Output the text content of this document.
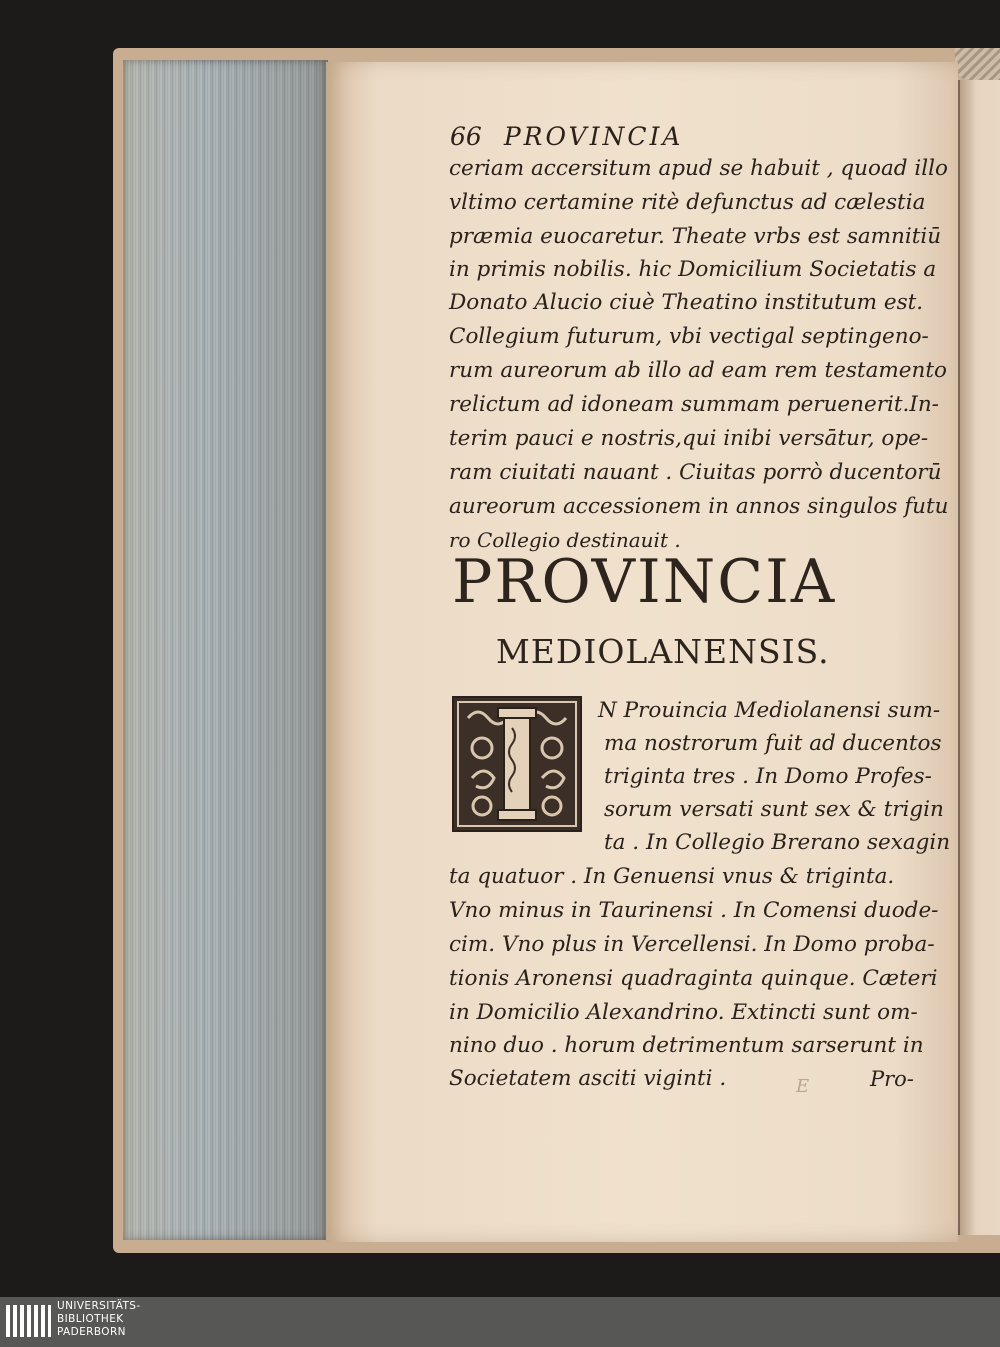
66 PROVINCIA
ceriam accersitum apud se habuit , quoad illo
vltimo certamine ritè defunctus ad cælestia
præmia euocaretur. Theate vrbs est samnitiū
in primis nobilis. hic Domicilium Societatis a
Donato Alucio ciuè Theatino institutum est.
Collegium futurum, vbi vectigal septingeno-
rum aureorum ab illo ad eam rem testamento
relictum ad idoneam summam peruenerit.In-
terim pauci e nostris,qui inibi versātur, ope-
ram ciuitati nauant . Ciuitas porrò ducentorū
aureorum accessionem in annos singulos futu
ro Collegio destinauit .
PROVINCIA
MEDIOLANENSIS.
N Prouincia Mediolanensi sum-
ma nostrorum fuit ad ducentos
triginta tres . In Domo Profes-
sorum versati sunt sex & trigin
ta . In Collegio Brerano sexagin
ta quatuor . In Genuensi vnus & triginta.
Vno minus in Taurinensi . In Comensi duode-
cim. Vno plus in Vercellensi. In Domo proba-
tionis Aronensi quadraginta quinque. Cæteri
in Domicilio Alexandrino. Extincti sunt om-
nino duo . horum detrimentum sarserunt in
Societatem asciti viginti .	E	Pro-
UNIVERSITÄTS-
BIBLIOTHEK
PADERBORN
